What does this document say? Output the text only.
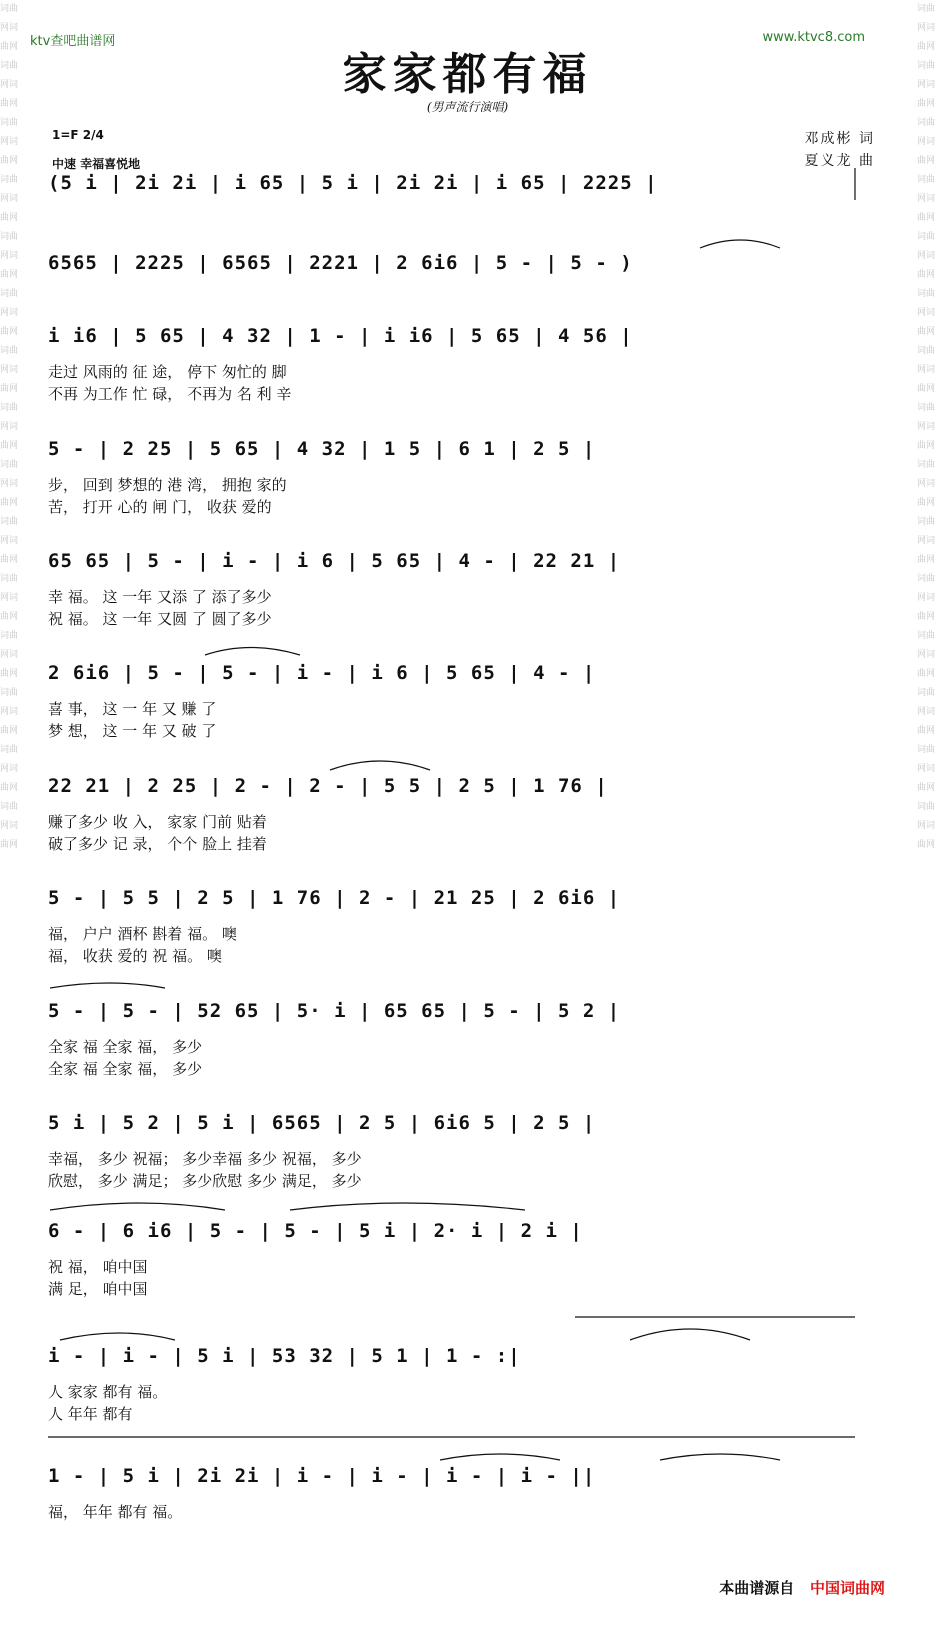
词曲网词曲网词曲网词曲网词曲网词曲网词曲网词曲网词曲网词曲网词曲网词曲网词曲网词曲网词曲网词曲网词曲网词曲网词曲网词曲网词曲网词曲网词曲网词曲网词曲网词曲网词曲网词曲网词曲网词曲网
词曲网词曲网词曲网词曲网词曲网词曲网词曲网词曲网词曲网词曲网词曲网词曲网词曲网词曲网词曲网词曲网词曲网词曲网词曲网词曲网词曲网词曲网词曲网词曲网词曲网词曲网词曲网词曲网词曲网词曲网
ktv查吧曲谱网	www.ktvc8.com
家家都有福
(男声流行演唱)
邓成彬 词
夏义龙 曲
1=F 2/4
中速 幸福喜悦地
(5 i | 2i 2i | i 65 | 5 i | 2i 2i | i 65 | 2225 |
6565 | 2225 | 6565 | 2221 | 2 6i6 | 5 - | 5 - )
i i6 | 5 65 | 4 32 | 1 - | i i6 | 5 65 | 4 56 |
走过 风雨的 征 途， 停下 匆忙的 脚
不再 为工作 忙 碌， 不再为 名 利 辛
5 - | 2 25 | 5 65 | 4 32 | 1 5 | 6 1 | 2 5 |
步， 回到 梦想的 港 湾， 拥抱 家的
苦， 打开 心的 闸 门， 收获 爱的
65 65 | 5 - | i - | i 6 | 5 65 | 4 - | 22 21 |
幸 福。 这 一年 又添 了 添了多少
祝 福。 这 一年 又圆 了 圆了多少
2 6i6 | 5 - | 5 - | i - | i 6 | 5 65 | 4 - |
喜 事， 这 一 年 又 赚 了
梦 想， 这 一 年 又 破 了
22 21 | 2 25 | 2 - | 2 - | 5 5 | 2 5 | 1 76 |
赚了多少 收 入， 家家 门前 贴着
破了多少 记 录， 个个 脸上 挂着
5 - | 5 5 | 2 5 | 1 76 | 2 - | 21 25 | 2 6i6 |
福， 户户 酒杯 斟着 福。 噢
福， 收获 爱的 祝 福。 噢
5 - | 5 - | 52 65 | 5· i | 65 65 | 5 - | 5 2 |
全家 福 全家 福， 多少
全家 福 全家 福， 多少
5 i | 5 2 | 5 i | 6565 | 2 5 | 6i6 5 | 2 5 |
幸福， 多少 祝福； 多少幸福 多少 祝福， 多少
欣慰， 多少 满足； 多少欣慰 多少 满足， 多少
6 - | 6 i6 | 5 - | 5 - | 5 i | 2· i | 2 i |
祝 福， 咱中国
满 足， 咱中国
i - | i - | 5 i | 53 32 | 5 1 | 1 - :|
人 家家 都有 福。
人 年年 都有
1 - | 5 i | 2i 2i | i - | i - | i - | i - ||
福， 年年 都有 福。
本曲谱源自 中国词曲网
